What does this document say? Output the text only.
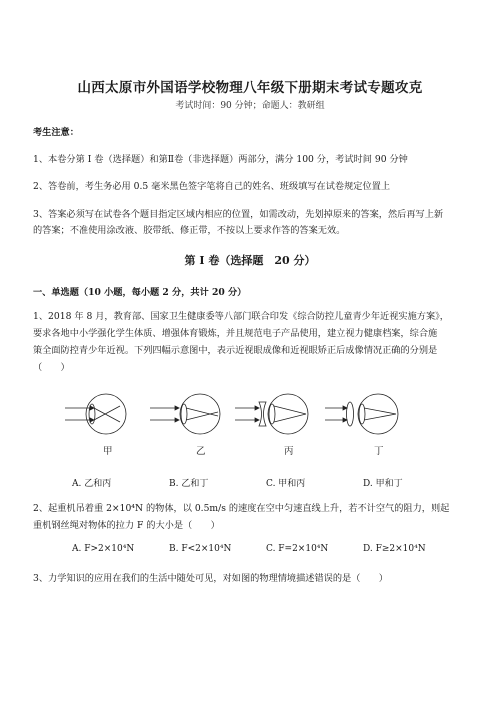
山西太原市外国语学校物理八年级下册期末考试专题攻克
考试时间：90 分钟；命题人：教研组
考生注意：
1、本卷分第 I 卷（选择题）和第Ⅱ卷（非选择题）两部分，满分 100 分，考试时间 90 分钟
2、答卷前，考生务必用 0.5 毫米黑色签字笔将自己的姓名、班级填写在试卷规定位置上
3、答案必须写在试卷各个题目指定区域内相应的位置，如需改动，先划掉原来的答案，然后再写上新
的答案；不准使用涂改液、胶带纸、修正带，不按以上要求作答的答案无效。
第 I 卷（选择题　20 分）
一、单选题（10 小题，每小题 2 分，共计 20 分）
1、2018 年 8 月，教育部、国家卫生健康委等八部门联合印发《综合防控儿童青少年近视实施方案》，
要求各地中小学强化学生体质、增强体育锻炼，并且规范电子产品使用，建立视力健康档案，综合施
策全面防控青少年近视。下列四幅示意图中，表示近视眼成像和近视眼矫正后成像情况正确的分别是
（　　）
甲	乙	丙	丁
A. 乙和丙	B. 乙和丁	C. 甲和丙	D. 甲和丁
2、起重机吊着重 2×10⁴N 的物体，以 0.5m/s 的速度在空中匀速直线上升，若不计空气的阻力，则起
重机钢丝绳对物体的拉力 F 的大小是（　　）
A. F>2×10⁴N	B. F<2×10⁴N	C. F=2×10⁴N	D. F≥2×10⁴N
3、力学知识的应用在我们的生活中随处可见，对如图的物理情境描述错误的是（　　）
